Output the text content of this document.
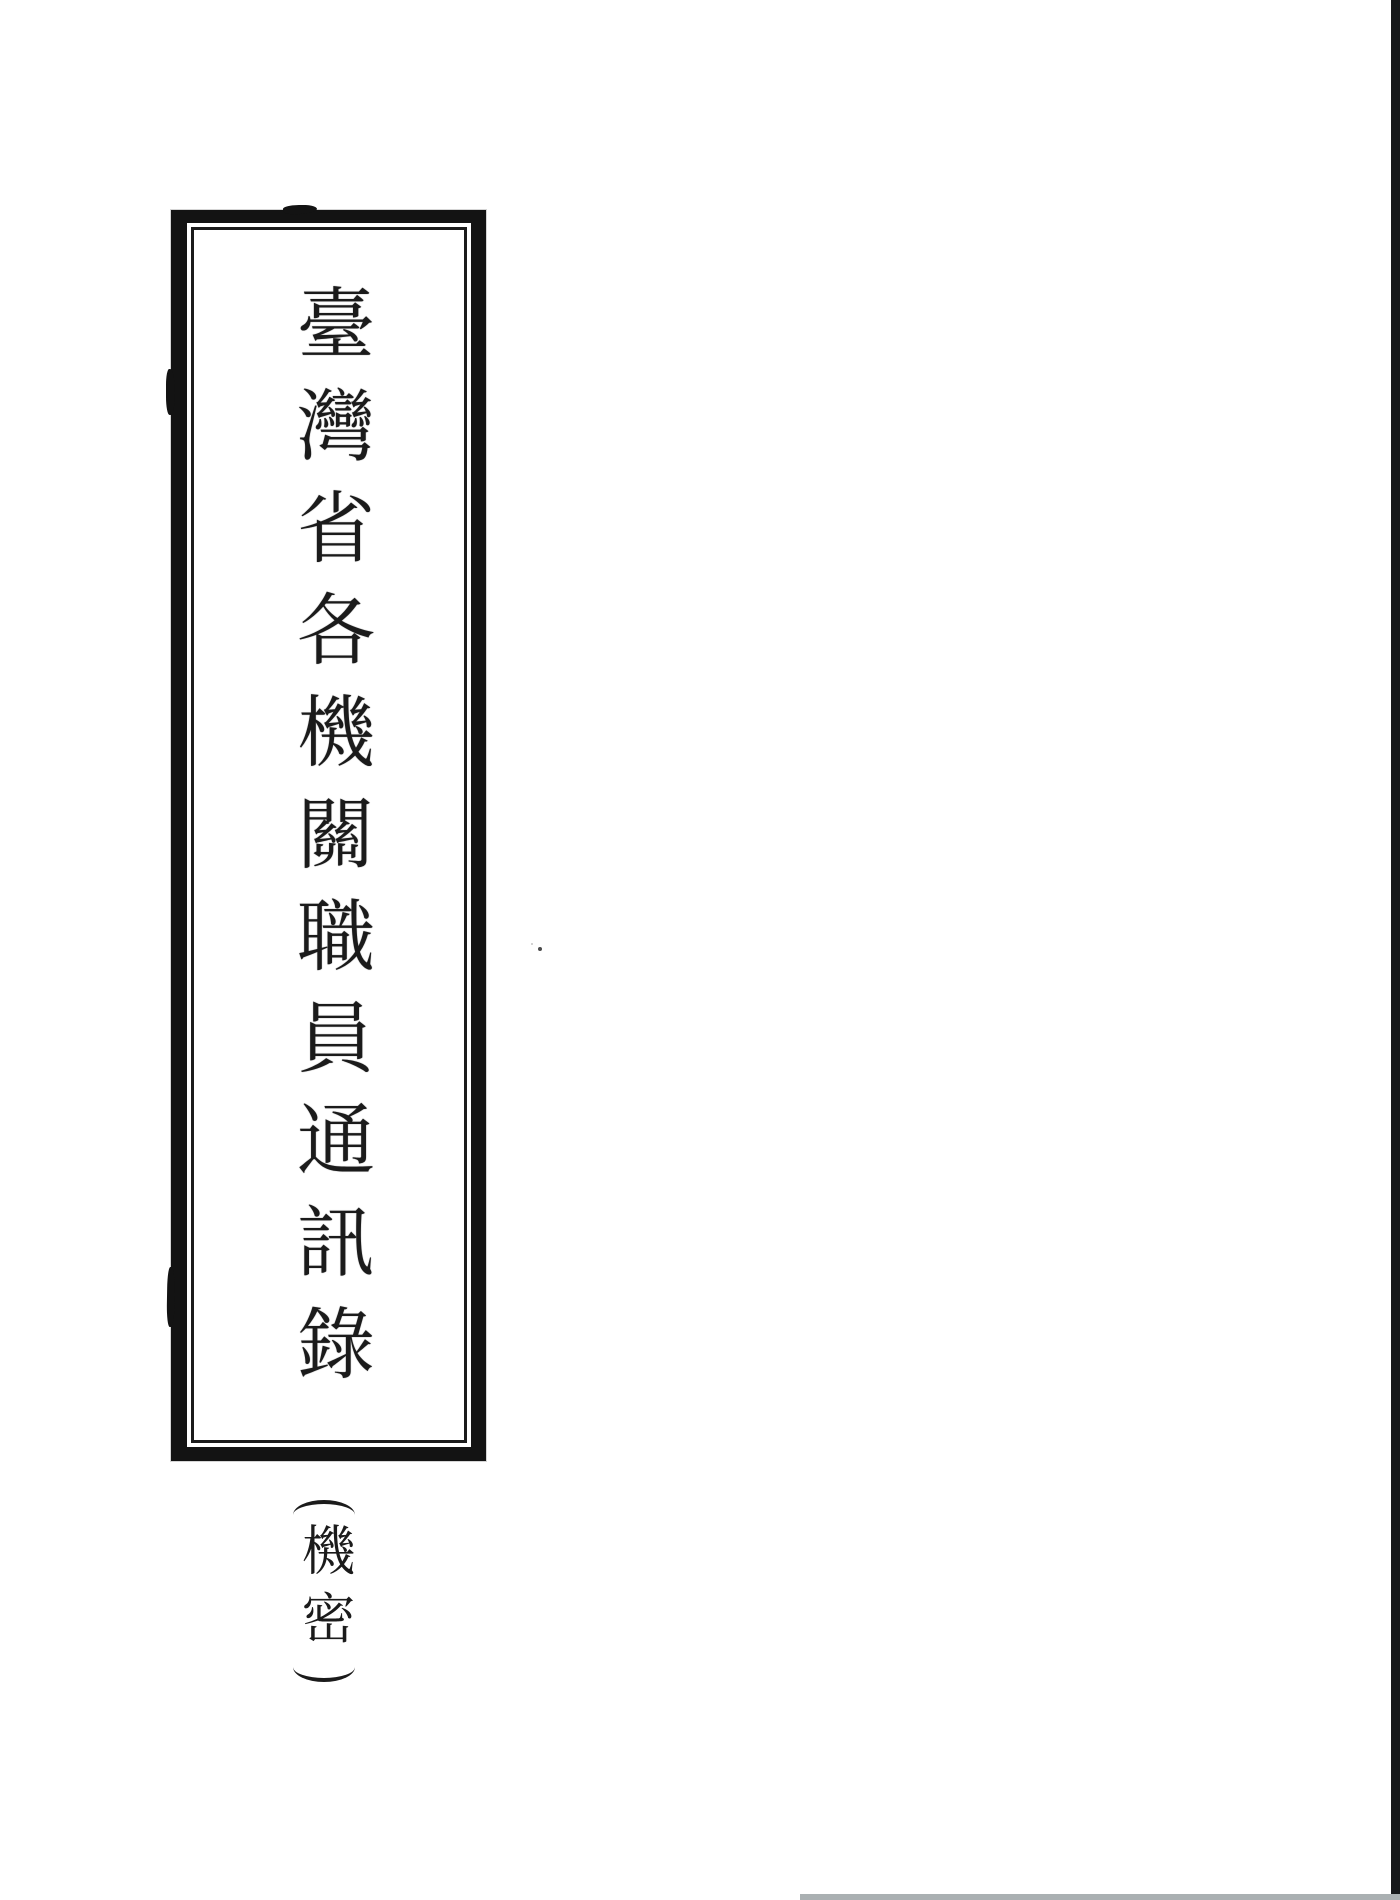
臺灣省各機關職員通訊錄
機密
